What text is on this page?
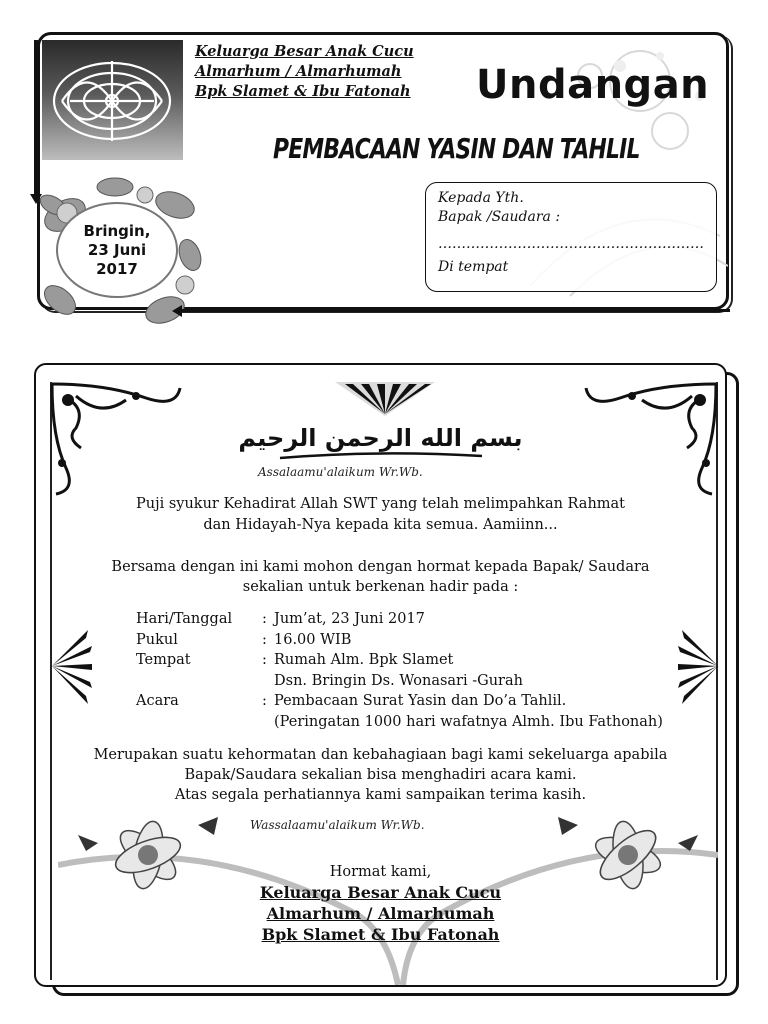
Keluarga Besar Anak Cucu
Almarhum / Almarhumah
Bpk Slamet & Ibu Fatonah	Undangan
PEMBACAAN YASIN DAN TAHLIL
Bringin,
23 Juni
2017
Kepada Yth.
Bapak /Saudara :
…………………………………………………
Di tempat
بسم الله الرحمن الرحيم
Assalaamu'alaikum Wr.Wb.
Puji syukur Kehadirat Allah SWT yang telah melimpahkan Rahmat
dan Hidayah-Nya kepada kita semua. Aamiinn...
Bersama dengan ini kami mohon dengan hormat kepada Bapak/ Saudara
sekalian untuk berkenan hadir pada :
Hari/Tanggal	: Jum’at, 23 Juni 2017
Pukul	: 16.00 WIB
Tempat	: Rumah Alm. Bpk Slamet
Dsn. Bringin Ds. Wonasari -Gurah
Acara	: Pembacaan Surat Yasin dan Do’a Tahlil.
(Peringatan 1000 hari wafatnya Almh. Ibu Fathonah)
Merupakan suatu kehormatan dan kebahagiaan bagi kami sekeluarga apabila
Bapak/Saudara sekalian bisa menghadiri acara kami.
Atas segala perhatiannya kami sampaikan terima kasih.
Wassalaamu'alaikum Wr.Wb.
Hormat kami,
Keluarga Besar Anak Cucu
Almarhum / Almarhumah
Bpk Slamet & Ibu Fatonah
